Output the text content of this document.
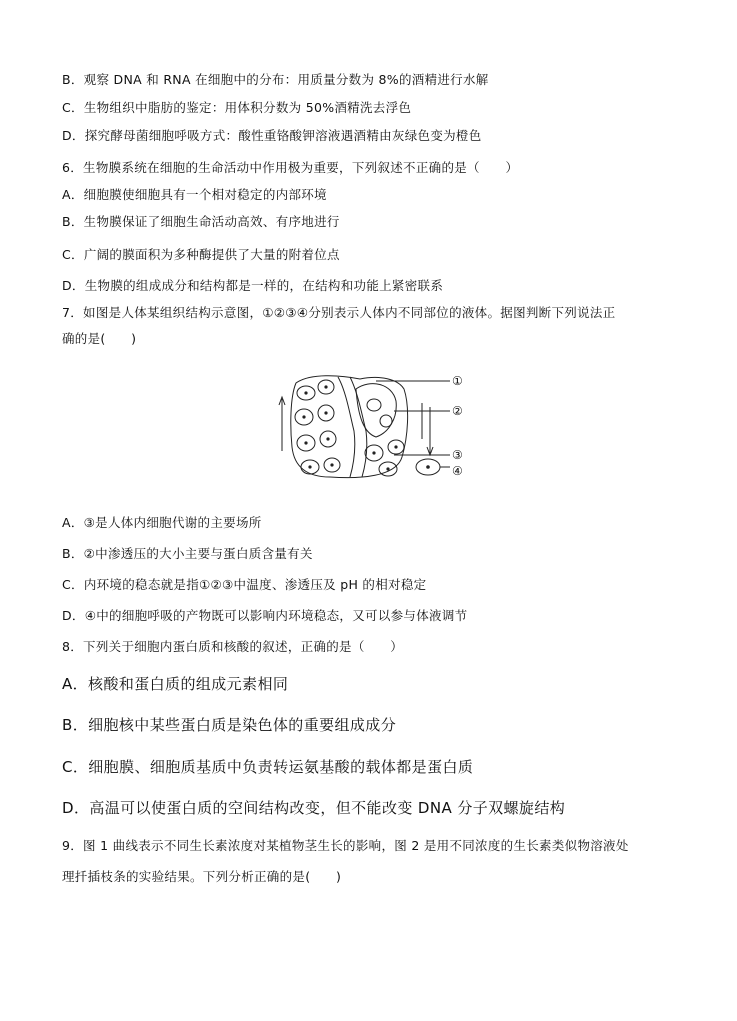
B．观察 DNA 和 RNA 在细胞中的分布：用质量分数为 8%的酒精进行水解
C．生物组织中脂肪的鉴定：用体积分数为 50%酒精洗去浮色
D．探究酵母菌细胞呼吸方式：酸性重铬酸钾溶液遇酒精由灰绿色变为橙色
6．生物膜系统在细胞的生命活动中作用极为重要，下列叙述不正确的是（　　）
A．细胞膜使细胞具有一个相对稳定的内部环境
B．生物膜保证了细胞生命活动高效、有序地进行
C．广阔的膜面积为多种酶提供了大量的附着位点
D．生物膜的组成成分和结构都是一样的，在结构和功能上紧密联系
7．如图是人体某组织结构示意图，①②③④分别表示人体内不同部位的液体。据图判断下列说法正
确的是(　　)
①
②
③
④
A．③是人体内细胞代谢的主要场所
B．②中渗透压的大小主要与蛋白质含量有关
C．内环境的稳态就是指①②③中温度、渗透压及 pH 的相对稳定
D．④中的细胞呼吸的产物既可以影响内环境稳态，又可以参与体液调节
8．下列关于细胞内蛋白质和核酸的叙述，正确的是（　　）
A．核酸和蛋白质的组成元素相同
B．细胞核中某些蛋白质是染色体的重要组成成分
C．细胞膜、细胞质基质中负责转运氨基酸的载体都是蛋白质
D．高温可以使蛋白质的空间结构改变，但不能改变 DNA 分子双螺旋结构
9．图 1 曲线表示不同生长素浓度对某植物茎生长的影响，图 2 是用不同浓度的生长素类似物溶液处
理扦插枝条的实验结果。下列分析正确的是(　　)
